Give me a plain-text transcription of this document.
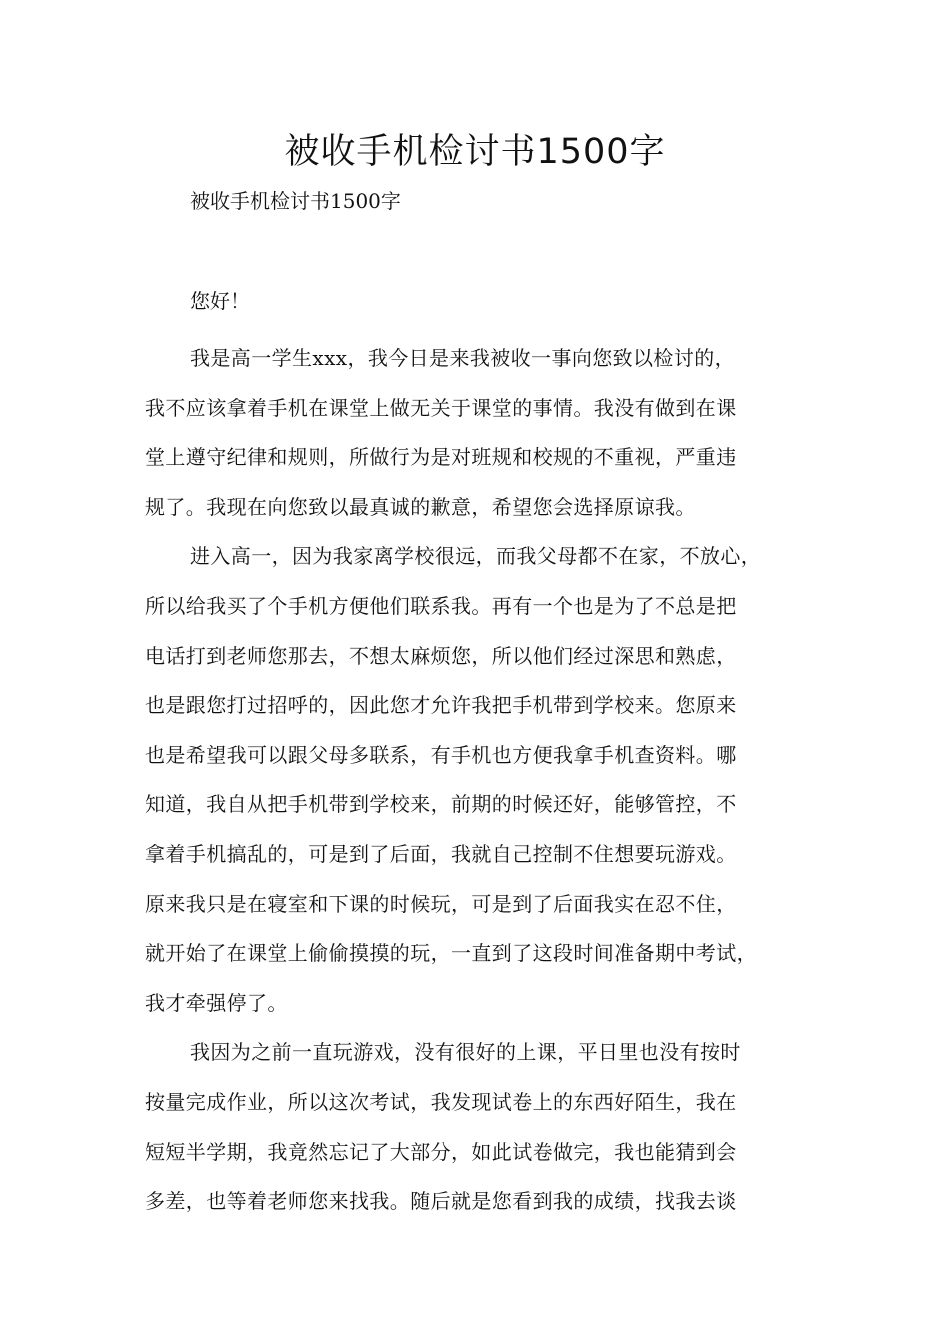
被收手机检讨书1500字

被收手机检讨书1500字

您好！

我是高一学生xxx，我今日是来我被收一事向您致以检讨的，
我不应该拿着手机在课堂上做无关于课堂的事情。我没有做到在课
堂上遵守纪律和规则，所做行为是对班规和校规的不重视，严重违
规了。我现在向您致以最真诚的歉意，希望您会选择原谅我。

进入高一，因为我家离学校很远，而我父母都不在家，不放心，
所以给我买了个手机方便他们联系我。再有一个也是为了不总是把
电话打到老师您那去，不想太麻烦您，所以他们经过深思和熟虑，
也是跟您打过招呼的，因此您才允许我把手机带到学校来。您原来
也是希望我可以跟父母多联系，有手机也方便我拿手机查资料。哪
知道，我自从把手机带到学校来，前期的时候还好，能够管控，不
拿着手机搞乱的，可是到了后面，我就自己控制不住想要玩游戏。
原来我只是在寝室和下课的时候玩，可是到了后面我实在忍不住，
就开始了在课堂上偷偷摸摸的玩，一直到了这段时间准备期中考试，
我才牵强停了。

我因为之前一直玩游戏，没有很好的上课，平日里也没有按时
按量完成作业，所以这次考试，我发现试卷上的东西好陌生，我在
短短半学期，我竟然忘记了大部分，如此试卷做完，我也能猜到会
多差，也等着老师您来找我。随后就是您看到我的成绩，找我去谈
